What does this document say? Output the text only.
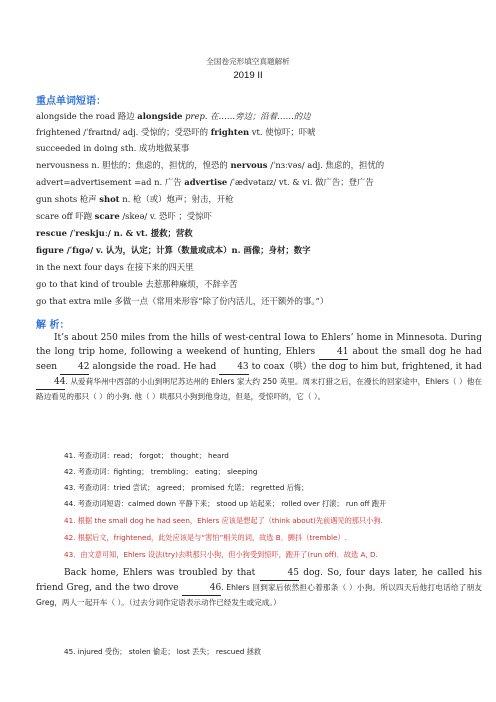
全国卷完形填空真题解析
2019 II
重点单词短语：
alongside the road 路边 alongside prep. 在……旁边；沿着……的边
frightened /ˈfraɪtnd/ adj. 受惊的；受恐吓的 frighten vt. 使惊吓；吓唬
succeeded in doing sth. 成功地做某事
nervousness n. 胆怯的；焦虑的，担忧的，惶恐的 nervous /ˈnɜːvəs/ adj. 焦虑的，担忧的
advert=advertisement =ad n. 广告 advertise /ˈædvətaɪz/ vt. & vi. 做广告；登广告
gun shots 枪声 shot n. 枪（或）炮声；射击，开枪
scare off 吓跑 scare /skeə/ v. 恐吓 ；受惊吓
rescue /ˈreskjuː/ n. & vt. 援救；营救
figure /ˈfɪɡə/ v. 认为，认定；计算（数量或成本）n. 画像；身材；数字
in the next four days 在接下来的四天里
go to that kind of trouble 去惹那种麻烦，不辞辛苦
go that extra mile 多做一点（常用来形容“除了份内活儿，还干额外的事。”）
解 析：
It’s about 250 miles from the hills of west-central Iowa to Ehlers’ home in Minnesota. During the long trip home, following a weekend of hunting, Ehlers 41 about the small dog he had seen 42 alongside the road. He had 43 to coax（哄）the dog to him but, frightened, it had 44. 从爱荷华州中西部的小山到明尼苏达州的 Ehlers 家大约 250 英里。周末打猎之后，在漫长的回家途中，Ehlers（ ）他在路边看见的那只（ ）的小狗. 他（ ）哄那只小狗到他身边，但是，受惊吓的，它（ ）。
41. 考查动词：read； forgot； thought； heard
42. 考查动词：fighting； trembling； eating； sleeping
43. 考查动词：tried 尝试； agreed； promised 允诺； regretted 后悔；
44. 考查动词短语：calmed down 平静下来； stood up 站起来； rolled over 打滚； run off 跑开
41. 根据 the small dog he had seen，Ehlers 应该是想起了（think about)先前遇见的那只小狗.
42. 根据后文，frightened，此处应该是与“害怕”相关的词，故选 B．颤抖（tremble）.
43．由文意可知，Ehlers 设法(try)去哄那只小狗，但小狗受到惊吓，跑开了(run off)．故选 A, D.
Back home, Ehlers was troubled by that	45 dog. So, four days later, he called his friend Greg, and the two drove	46. Ehlers 回到家后依然担心着那条（ ）小狗。所以四天后他打电话给了朋友 Greg，两人一起开车（ ）。（过去分词作定语表示动作已经发生或完成。）
45. injured 受伤； stolen 偷走； lost 丢失； rescued 拯救
